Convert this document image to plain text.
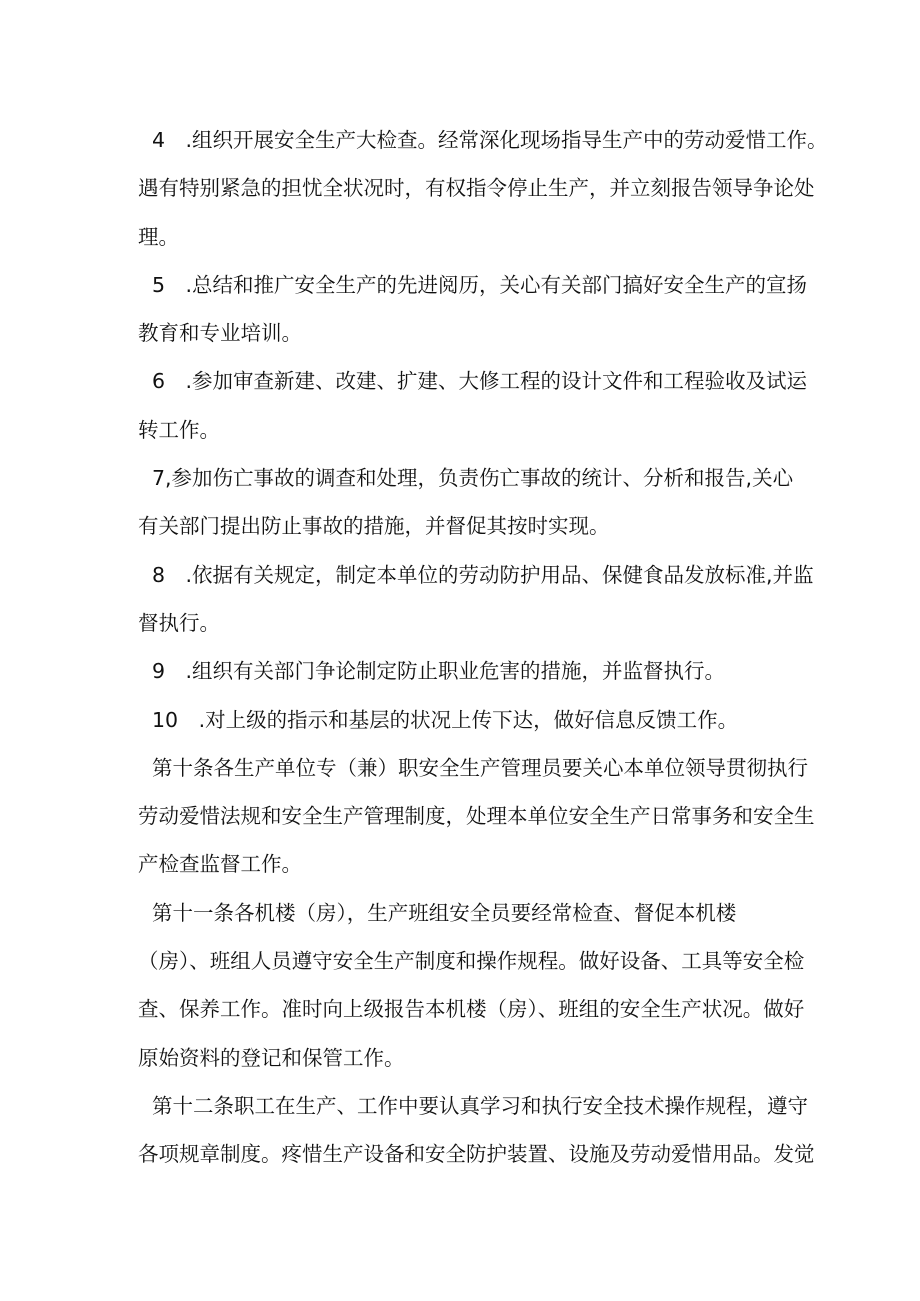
4　.组织开展安全生产大检查。经常深化现场指导生产中的劳动爱惜工作。
遇有特别紧急的担忧全状况时，有权指令停止生产，并立刻报告领导争论处
理。

5　.总结和推广安全生产的先进阅历，关心有关部门搞好安全生产的宣扬
教育和专业培训。

6　.参加审查新建、改建、扩建、大修工程的设计文件和工程验收及试运
转工作。

7,参加伤亡事故的调查和处理，负责伤亡事故的统计、分析和报告,关心
有关部门提出防止事故的措施，并督促其按时实现。

8　.依据有关规定，制定本单位的劳动防护用品、保健食品发放标准,并监
督执行。

9　.组织有关部门争论制定防止职业危害的措施，并监督执行。

10　.对上级的指示和基层的状况上传下达，做好信息反馈工作。

第十条各生产单位专（兼）职安全生产管理员要关心本单位领导贯彻执行
劳动爱惜法规和安全生产管理制度，处理本单位安全生产日常事务和安全生
产检查监督工作。

第十一条各机楼（房），生产班组安全员要经常检查、督促本机楼
（房）、班组人员遵守安全生产制度和操作规程。做好设备、工具等安全检
查、保养工作。准时向上级报告本机楼（房）、班组的安全生产状况。做好
原始资料的登记和保管工作。

第十二条职工在生产、工作中要认真学习和执行安全技术操作规程，遵守
各项规章制度。疼惜生产设备和安全防护装置、设施及劳动爱惜用品。发觉
